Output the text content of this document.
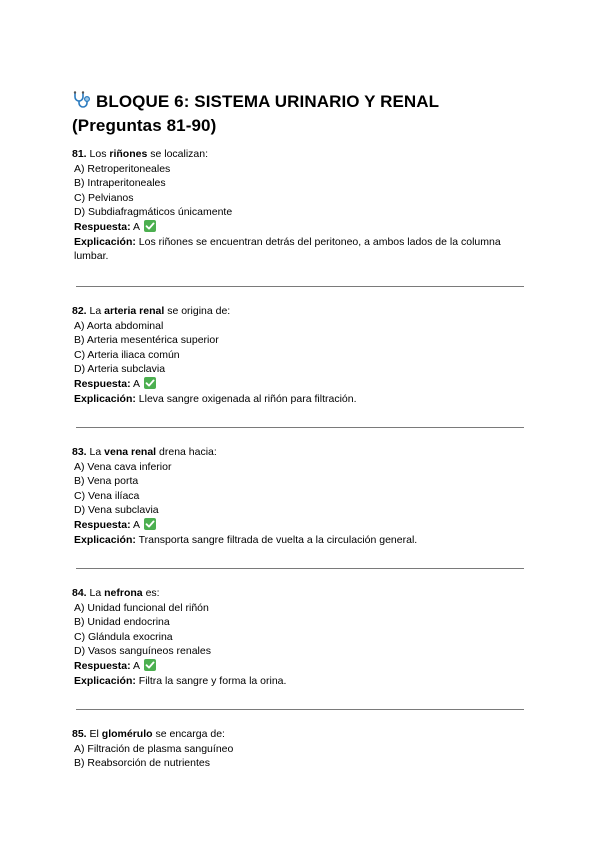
BLOQUE 6: SISTEMA URINARIO Y RENAL
(Preguntas 81-90)
81. Los riñones se localizan:
A) Retroperitoneales
B) Intraperitoneales
C) Pelvianos
D) Subdiafragmáticos únicamente
Respuesta: A
Explicación: Los riñones se encuentran detrás del peritoneo, a ambos lados de la columna lumbar.
82. La arteria renal se origina de:
A) Aorta abdominal
B) Arteria mesentérica superior
C) Arteria iliaca común
D) Arteria subclavia
Respuesta: A
Explicación: Lleva sangre oxigenada al riñón para filtración.
83. La vena renal drena hacia:
A) Vena cava inferior
B) Vena porta
C) Vena ilíaca
D) Vena subclavia
Respuesta: A
Explicación: Transporta sangre filtrada de vuelta a la circulación general.
84. La nefrona es:
A) Unidad funcional del riñón
B) Unidad endocrina
C) Glándula exocrina
D) Vasos sanguíneos renales
Respuesta: A
Explicación: Filtra la sangre y forma la orina.
85. El glomérulo se encarga de:
A) Filtración de plasma sanguíneo
B) Reabsorción de nutrientes
